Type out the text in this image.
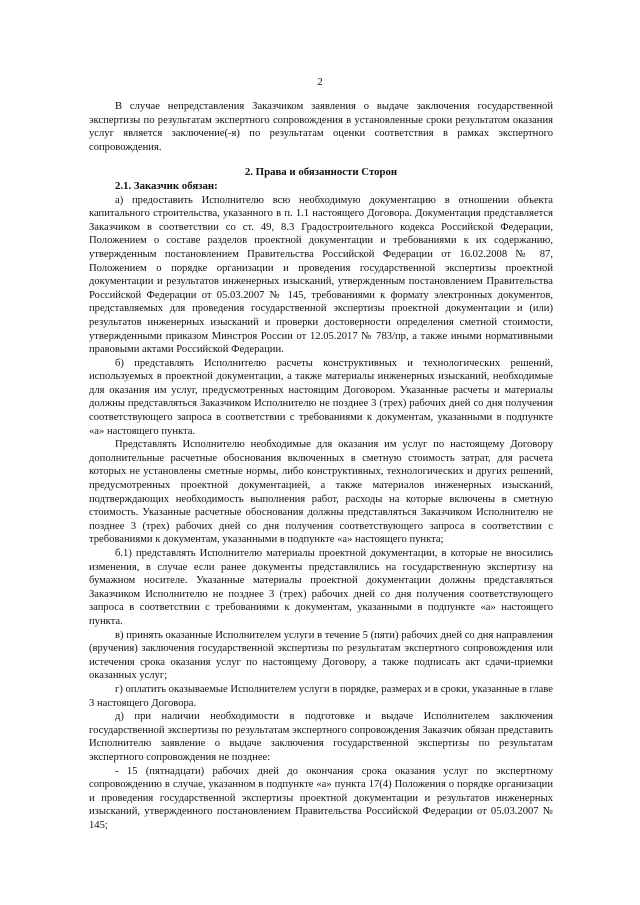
2

В случае непредставления Заказчиком заявления о выдаче заключения государственной экспертизы по результатам экспертного сопровождения в установленные сроки результатом оказания услуг является заключение(-я) по результатам оценки соответствия в рамках экспертного сопровождения.

2. Права и обязанности Сторон
2.1. Заказчик обязан:

а) предоставить Исполнителю всю необходимую документацию в отношении объекта капитального строительства, указанного в п. 1.1 настоящего Договора. Документация представляется Заказчиком в соответствии со ст. 49, 8.3 Градостроительного кодекса Российской Федерации, Положением о составе разделов проектной документации и требованиями к их содержанию, утвержденным постановлением Правительства Российской Федерации от 16.02.2008 № 87, Положением о порядке организации и проведения государственной экспертизы проектной документации и результатов инженерных изысканий, утвержденным постановлением Правительства Российской Федерации от 05.03.2007 № 145, требованиями к формату электронных документов, представляемых для проведения государственной экспертизы проектной документации и (или) результатов инженерных изысканий и проверки достоверности определения сметной стоимости, утвержденными приказом Минстроя России от 12.05.2017 № 783/пр, а также иными нормативными правовыми актами Российской Федерации.

б) представлять Исполнителю расчеты конструктивных и технологических решений, используемых в проектной документации, а также материалы инженерных изысканий, необходимые для оказания им услуг, предусмотренных настоящим Договором. Указанные расчеты и материалы должны представляться Заказчиком Исполнителю не позднее 3 (трех) рабочих дней со дня получения соответствующего запроса в соответствии с требованиями к документам, указанными в подпункте «а» настоящего пункта.

Представлять Исполнителю необходимые для оказания им услуг по настоящему Договору дополнительные расчетные обоснования включенных в сметную стоимость затрат, для расчета которых не установлены сметные нормы, либо конструктивных, технологических и других решений, предусмотренных проектной документацией, а также материалов инженерных изысканий, подтверждающих необходимость выполнения работ, расходы на которые включены в сметную стоимость. Указанные расчетные обоснования должны представляться Заказчиком Исполнителю не позднее 3 (трех) рабочих дней со дня получения соответствующего запроса в соответствии с требованиями к документам, указанными в подпункте «а» настоящего пункта;

б.1) представлять Исполнителю материалы проектной документации, в которые не вносились изменения, в случае если ранее документы представлялись на государственную экспертизу на бумажном носителе. Указанные материалы проектной документации должны представляться Заказчиком Исполнителю не позднее 3 (трех) рабочих дней со дня получения соответствующего запроса в соответствии с требованиями к документам, указанными в подпункте «а» настоящего пункта.

в) принять оказанные Исполнителем услуги в течение 5 (пяти) рабочих дней со дня направления (вручения) заключения государственной экспертизы по результатам экспертного сопровождения или истечения срока оказания услуг по настоящему Договору, а также подписать акт сдачи-приемки оказанных услуг;

г) оплатить оказываемые Исполнителем услуги в порядке, размерах и в сроки, указанные в главе 3 настоящего Договора.

д) при наличии необходимости в подготовке и выдаче Исполнителем заключения государственной экспертизы по результатам экспертного сопровождения Заказчик обязан представить Исполнителю заявление о выдаче заключения государственной экспертизы по результатам экспертного сопровождения не позднее:

- 15 (пятнадцати) рабочих дней до окончания срока оказания услуг по экспертному сопровождению в случае, указанном в подпункте «а» пункта 17(4) Положения о порядке организации и проведения государственной экспертизы проектной документации и результатов инженерных изысканий, утвержденного постановлением Правительства Российской Федерации от 05.03.2007 № 145;
